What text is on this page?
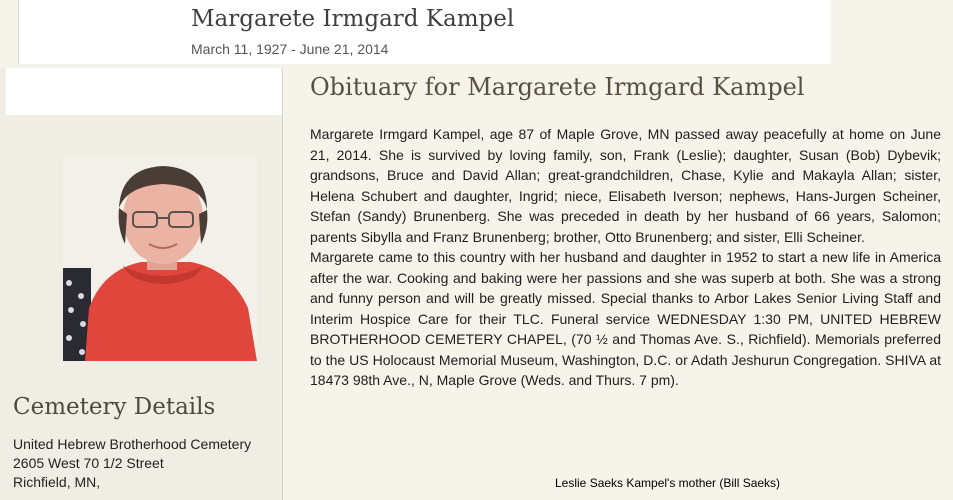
Margarete Irmgard Kampel
March 11, 1927 - June 21, 2014
Cemetery Details
United Hebrew Brotherhood Cemetery
2605 West 70 1/2 Street
Richfield, MN,
Obituary for Margarete Irmgard Kampel

Margarete Irmgard Kampel, age 87 of Maple Grove, MN passed away peacefully at home on June 21, 2014. She is survived by loving family, son, Frank (Leslie); daughter, Susan (Bob) Dybevik; grandsons, Bruce and David Allan; great-grandchildren, Chase, Kylie and Makayla Allan; sister, Helena Schubert and daughter, Ingrid; niece, Elisabeth Iverson; nephews, Hans-Jurgen Scheiner, Stefan (Sandy) Brunenberg. She was preceded in death by her husband of 66 years, Salomon; parents Sibylla and Franz Brunenberg; brother, Otto Brunenberg; and sister, Elli Scheiner.

Margarete came to this country with her husband and daughter in 1952 to start a new life in America after the war. Cooking and baking were her passions and she was superb at both. She was a strong and funny person and will be greatly missed. Special thanks to Arbor Lakes Senior Living Staff and Interim Hospice Care for their TLC. Funeral service WEDNESDAY 1:30 PM, UNITED HEBREW BROTHERHOOD CEMETERY CHAPEL, (70 ½ and Thomas Ave. S., Richfield). Memorials preferred to the US Holocaust Memorial Museum, Washington, D.C. or Adath Jeshurun Congregation. SHIVA at 18473 98th Ave., N, Maple Grove (Weds. and Thurs. 7 pm).

Leslie Saeks Kampel's mother (Bill Saeks)
